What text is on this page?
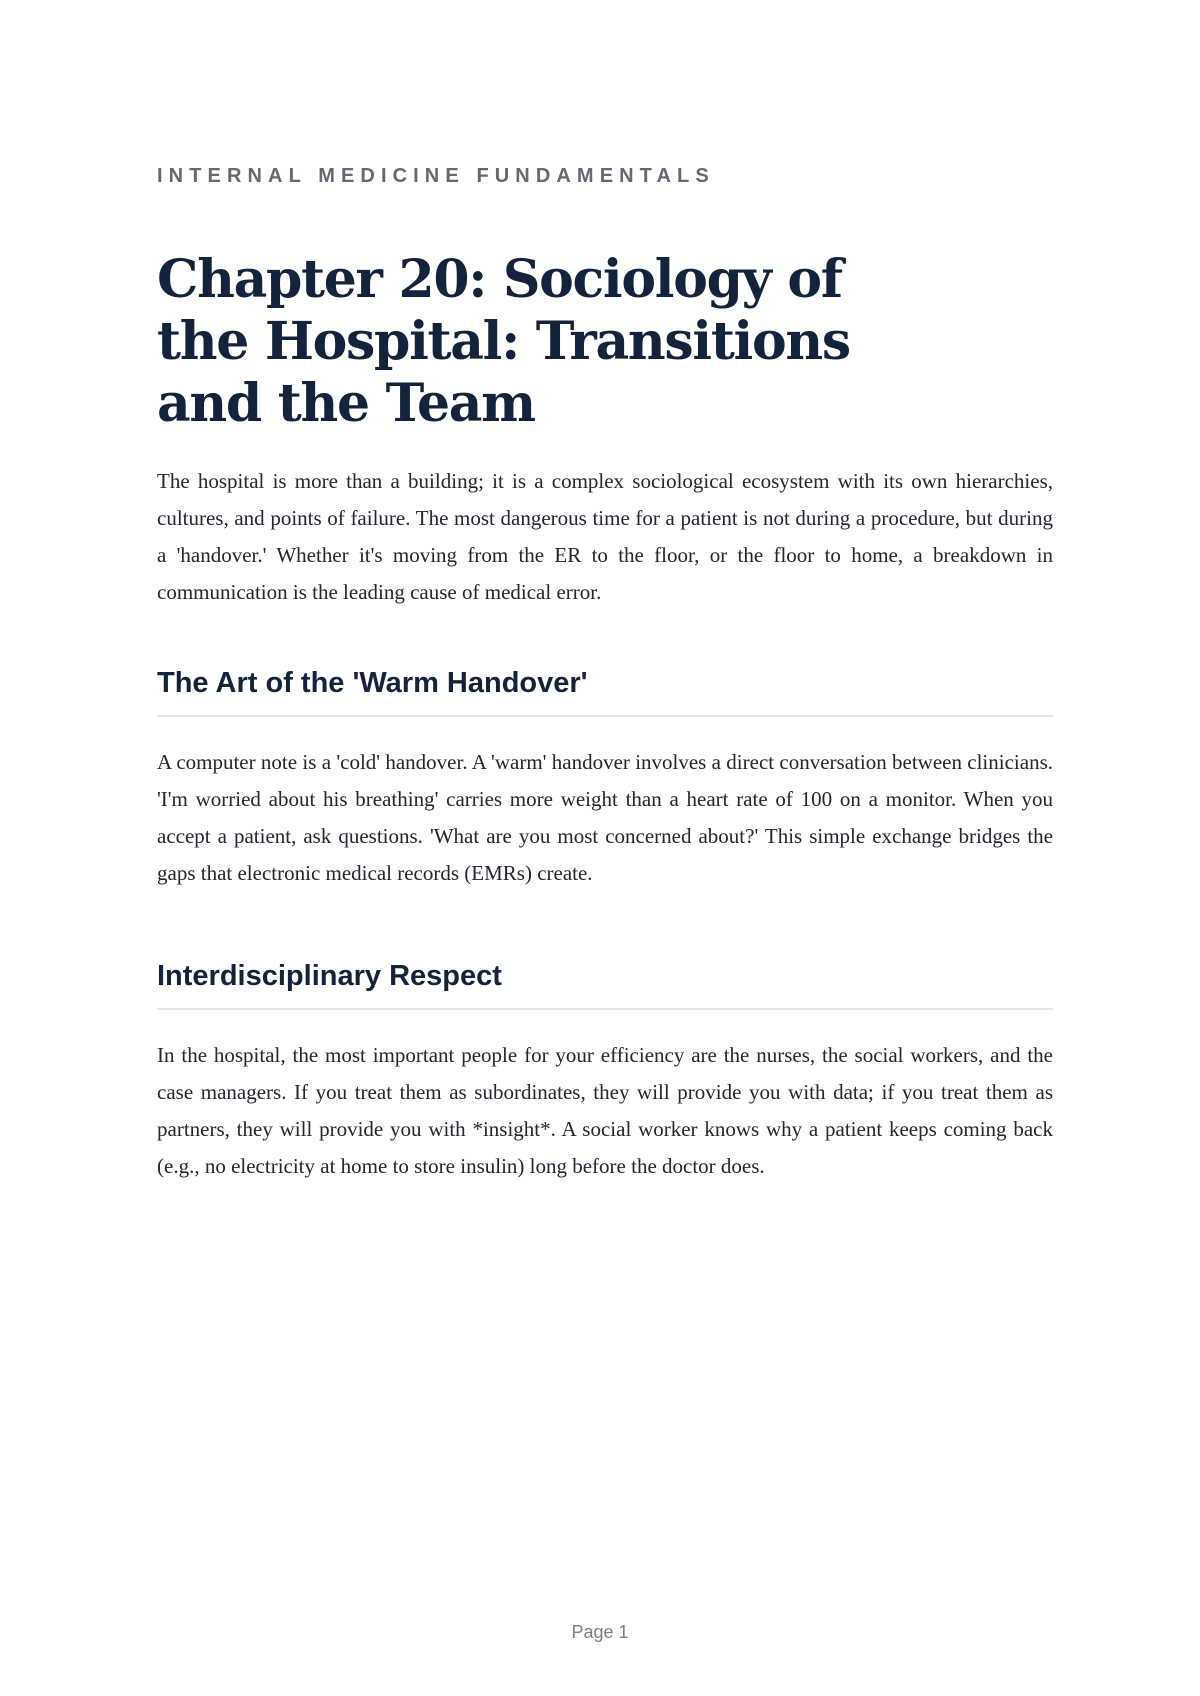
INTERNAL MEDICINE FUNDAMENTALS

Chapter 20: Sociology of the Hospital: Transitions and the Team

The hospital is more than a building; it is a complex sociological ecosystem with its own hierarchies, cultures, and points of failure. The most dangerous time for a patient is not during a procedure, but during a 'handover.' Whether it's moving from the ER to the floor, or the floor to home, a breakdown in communication is the leading cause of medical error.

The Art of the 'Warm Handover'

A computer note is a 'cold' handover. A 'warm' handover involves a direct conversation between clinicians. 'I'm worried about his breathing' carries more weight than a heart rate of 100 on a monitor. When you accept a patient, ask questions. 'What are you most concerned about?' This simple exchange bridges the gaps that electronic medical records (EMRs) create.

Interdisciplinary Respect

In the hospital, the most important people for your efficiency are the nurses, the social workers, and the case managers. If you treat them as subordinates, they will provide you with data; if you treat them as partners, they will provide you with *insight*. A social worker knows why a patient keeps coming back (e.g., no electricity at home to store insulin) long before the doctor does.

Page 1
